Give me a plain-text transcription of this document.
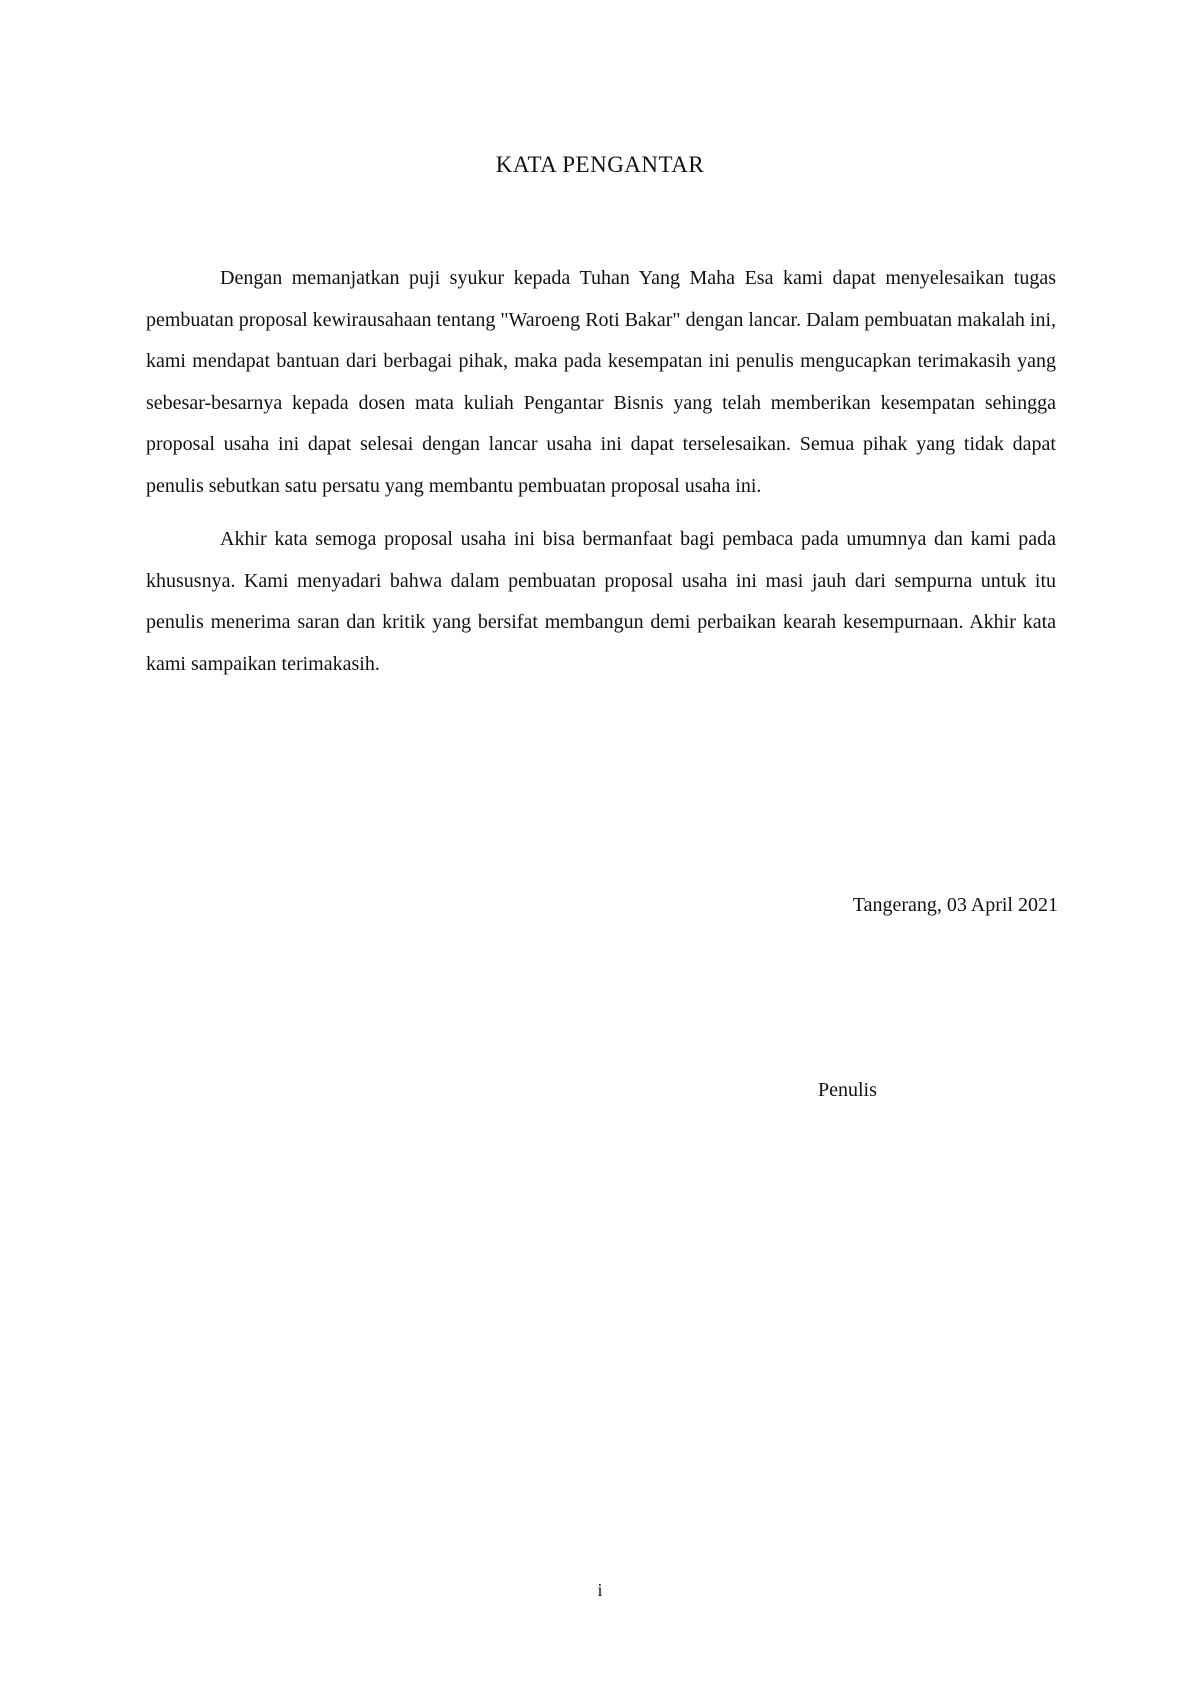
KATA PENGANTAR

Dengan memanjatkan puji syukur kepada Tuhan Yang Maha Esa kami dapat menyelesaikan tugas pembuatan proposal kewirausahaan tentang "Waroeng Roti Bakar" dengan lancar. Dalam pembuatan makalah ini, kami mendapat bantuan dari berbagai pihak, maka pada kesempatan ini penulis mengucapkan terimakasih yang sebesar-besarnya kepada dosen mata kuliah Pengantar Bisnis yang telah memberikan kesempatan sehingga proposal usaha ini dapat selesai dengan lancar usaha ini dapat terselesaikan. Semua pihak yang tidak dapat penulis sebutkan satu persatu yang membantu pembuatan proposal usaha ini.

Akhir kata semoga proposal usaha ini bisa bermanfaat bagi pembaca pada umumnya dan kami pada khususnya. Kami menyadari bahwa dalam pembuatan proposal usaha ini masi jauh dari sempurna untuk itu penulis menerima saran dan kritik yang bersifat membangun demi perbaikan kearah kesempurnaan. Akhir kata kami sampaikan terimakasih.

Tangerang, 03 April 2021
Penulis
i
